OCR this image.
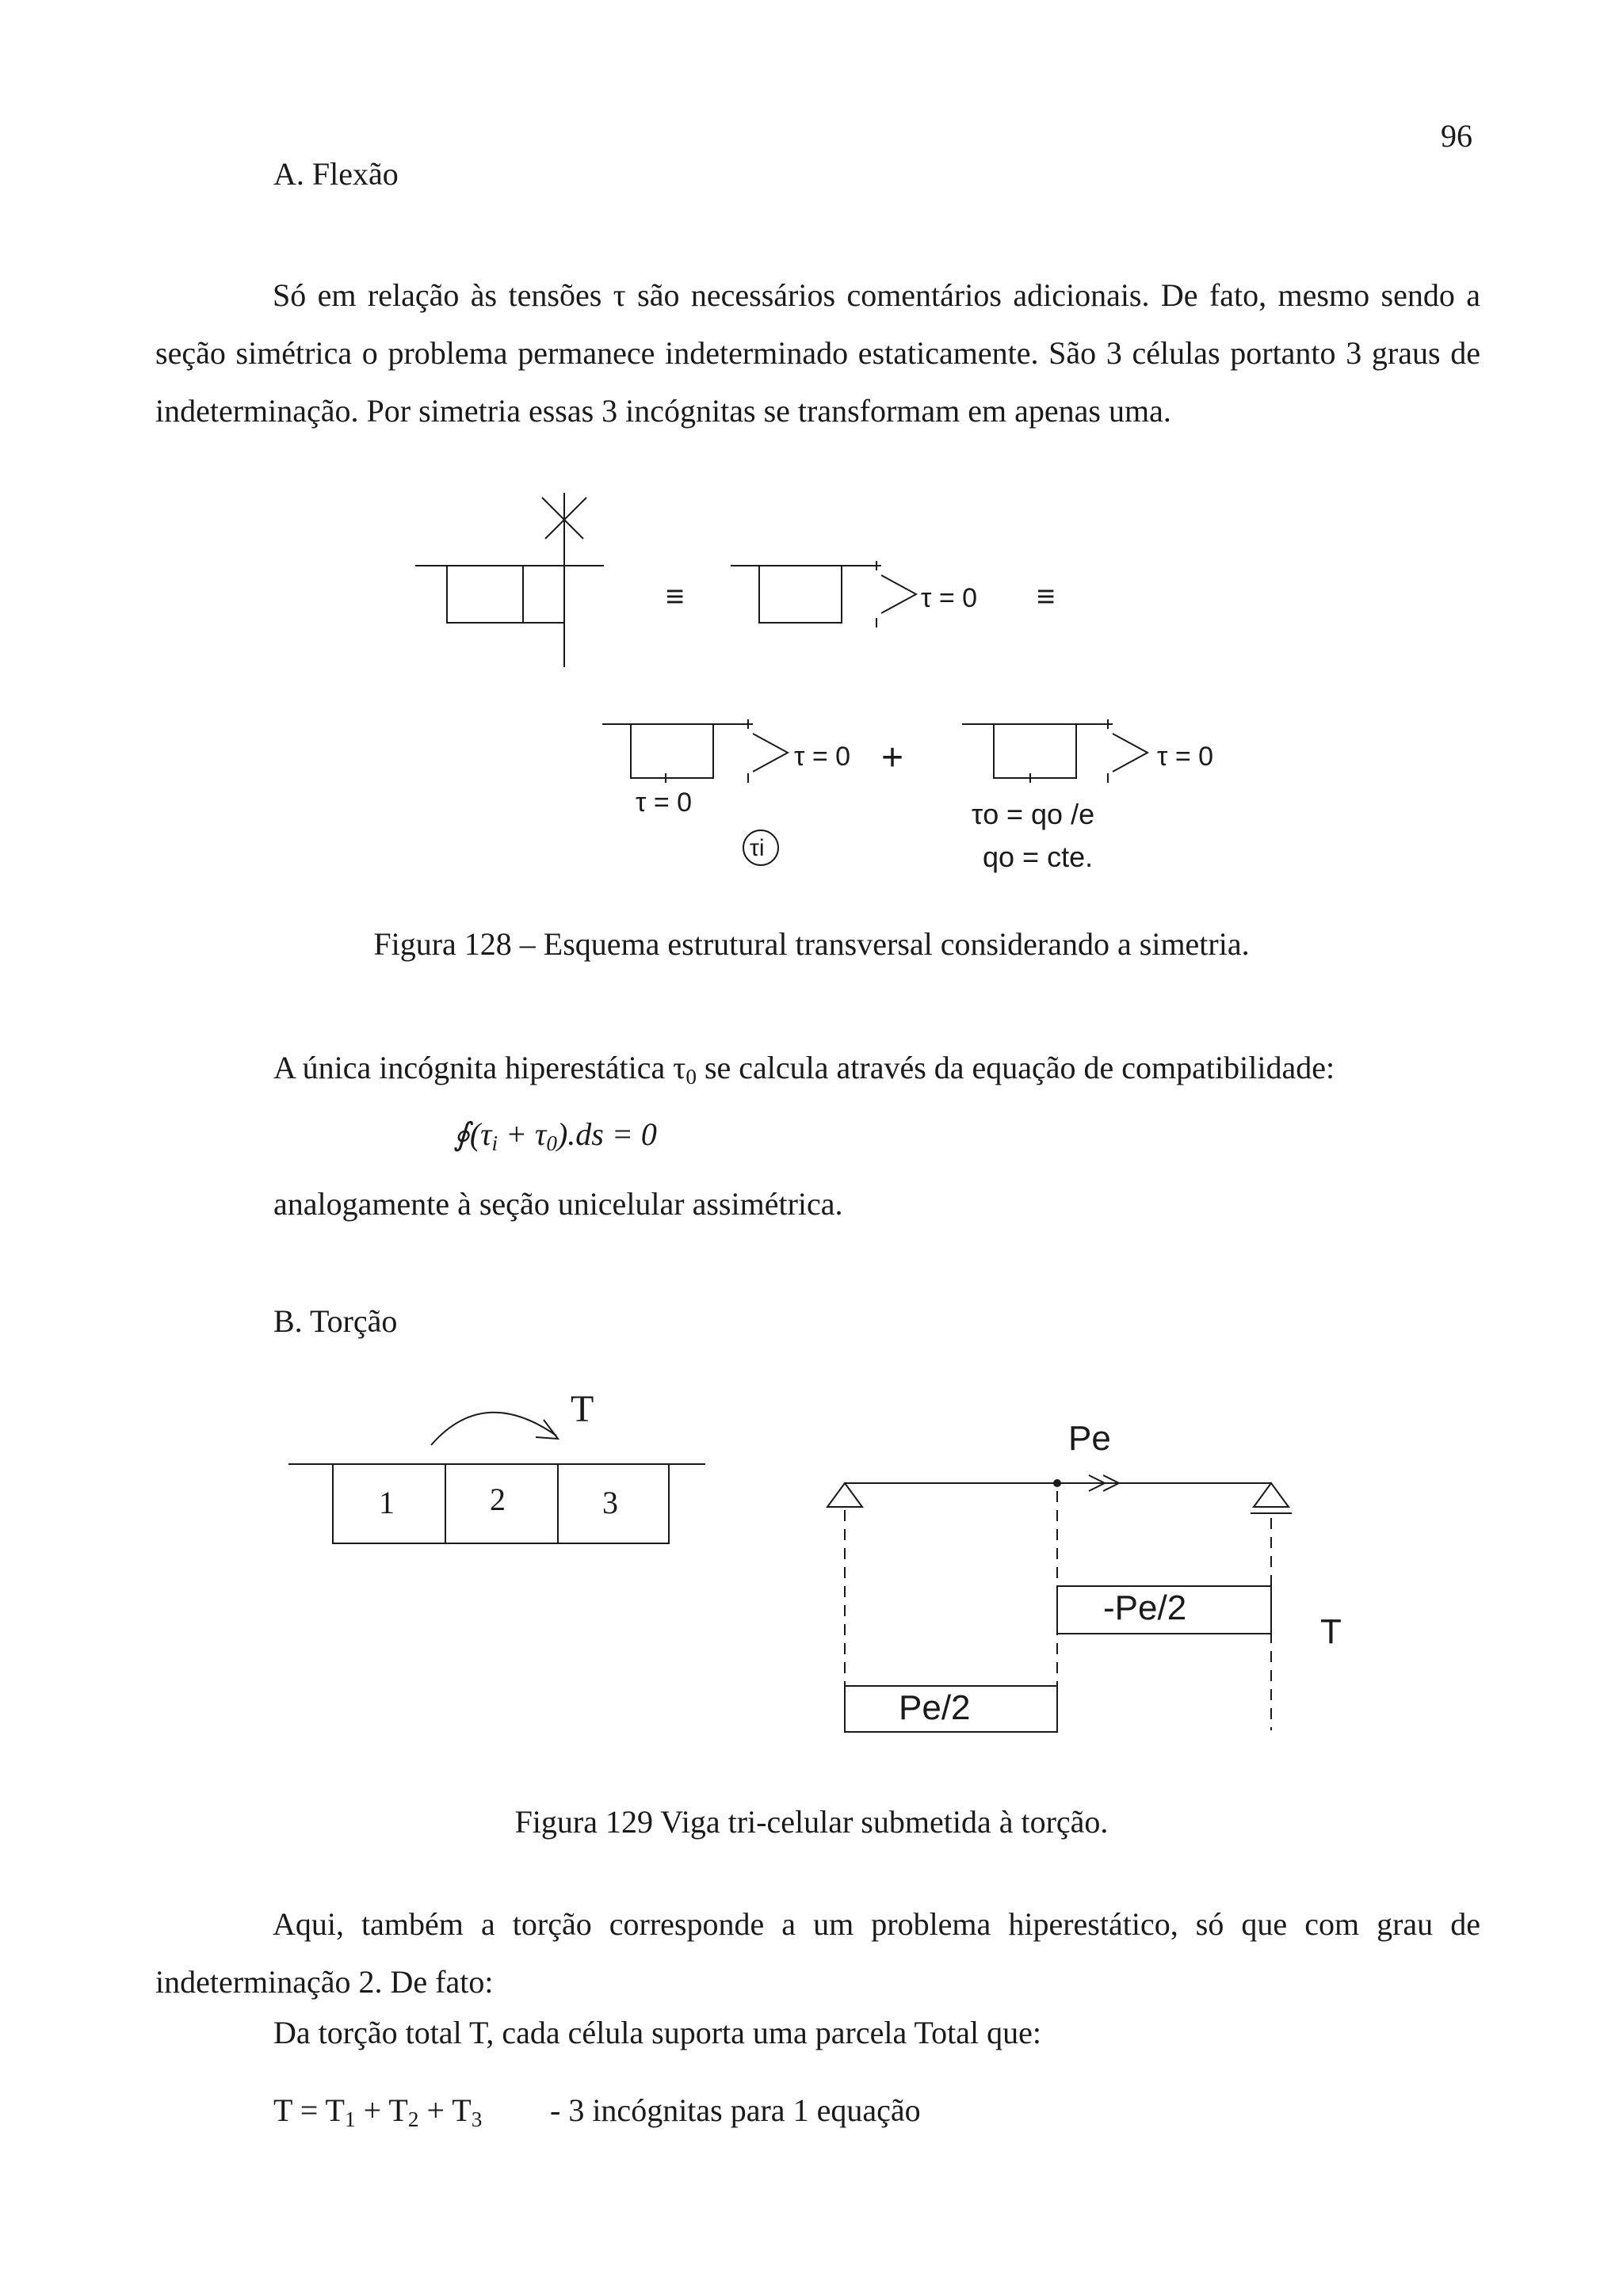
96
A. Flexão
Só em relação às tensões τ são necessários comentários adicionais. De fato, mesmo sendo a seção simétrica o problema permanece indeterminado estaticamente. São 3 células portanto 3 graus de indeterminação. Por simetria essas 3 incógnitas se transformam em apenas uma.
≡	≡
τ = 0
τ = 0
τ = 0
+	τ = 0
τi
τo = qo /e
qo = cte.
Figura 128 – Esquema estrutural transversal considerando a simetria.
A única incógnita hiperestática $\tau_0$ se calcula através da equação de compatibilidade:
$∮(\tau_i + \tau_0).ds = 0$
analogamente à seção unicelular assimétrica.
B. Torção
T
1	2	3
Pe
-Pe/2
Pe/2
T
Figura 129 Viga tri-celular submetida à torção.
Aqui, também a torção corresponde a um problema hiperestático, só que com grau de indeterminação 2. De fato:
Da torção total T, cada célula suporta uma parcela Total que:
$T = T_1 + T_2 + T_3 - 3$ incógnitas para 1 equação
